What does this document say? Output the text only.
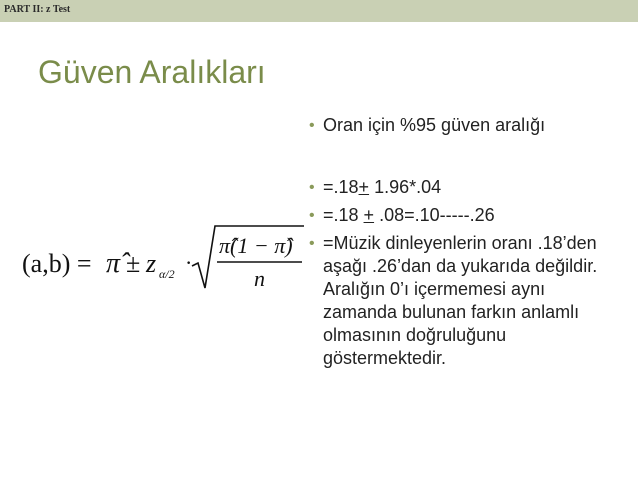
PART II: z Test
Güven Aralıkları
(a,b) = π̂ ± z α/2 ·
π̂(1 − π̂)
n
• Oran için %95 güven aralığı
• =.18+ 1.96*.04
• =.18 + .08=.10-----.26
• =Müzik dinleyenlerin oranı .18’den aşağı .26’dan da yukarıda değildir. Aralığın 0’ı içermemesi aynı zamanda bulunan farkın anlamlı olmasının doğruluğunu göstermektedir.
